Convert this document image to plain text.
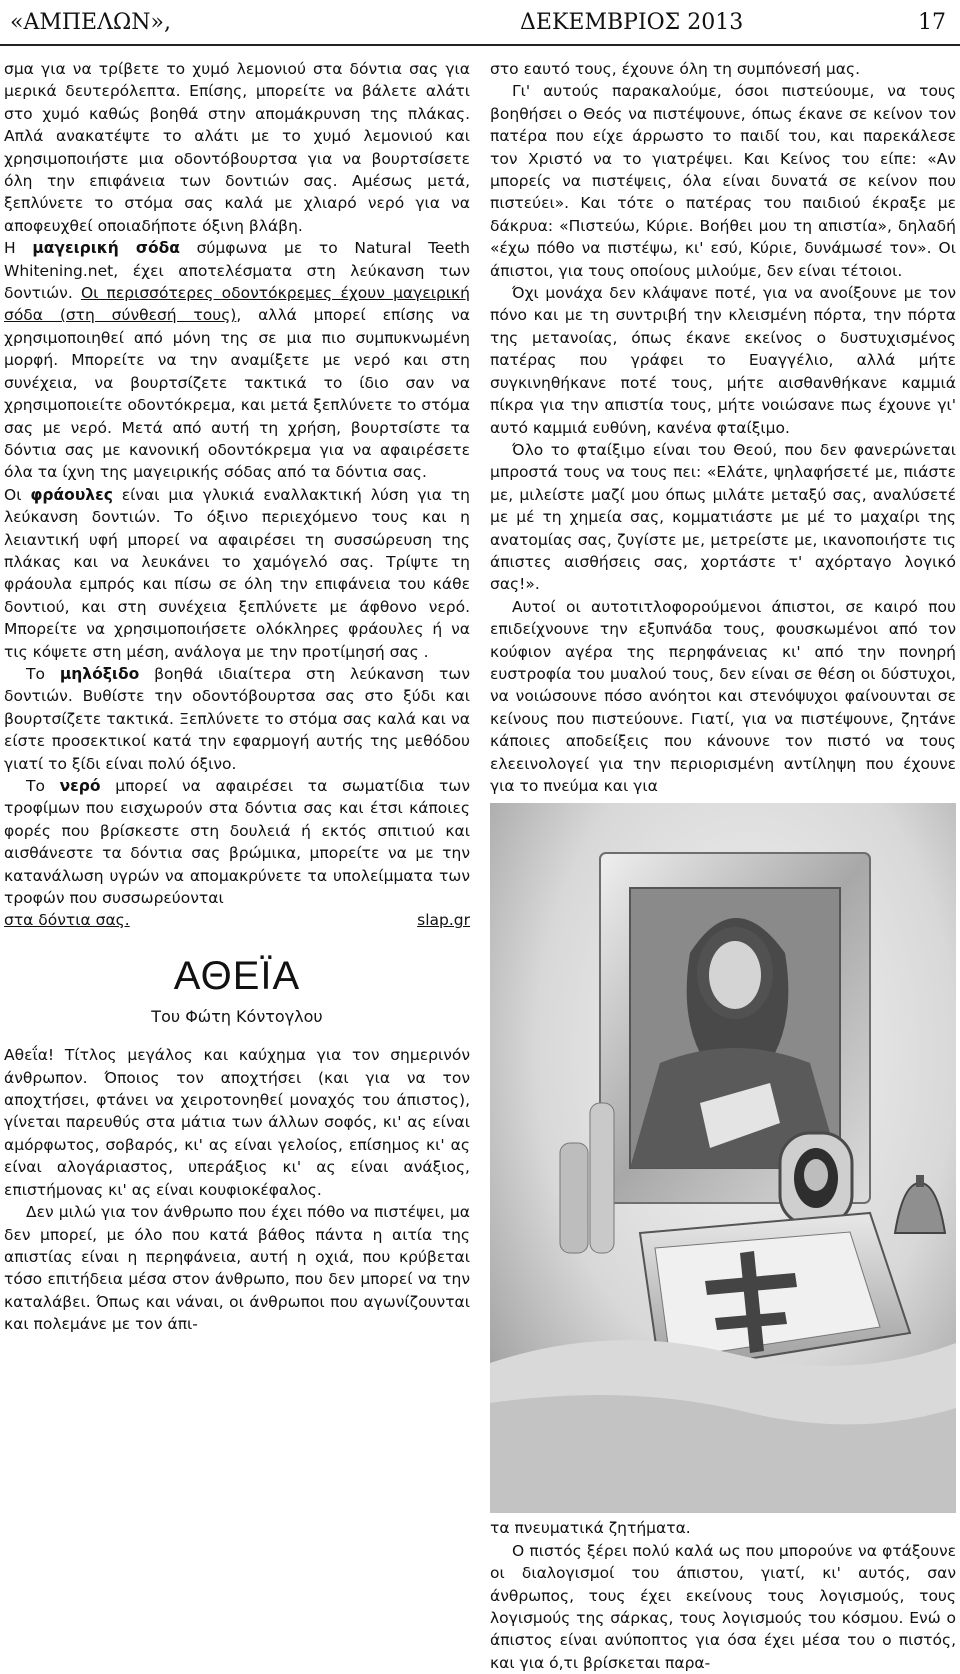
«ΑΜΠΕΛΩΝ»,	ΔΕΚΕΜΒΡΙΟΣ 2013	17

σμα για να τρίβετε το χυμό λεμονιού στα δόντια σας για μερικά δευτερόλεπτα. Επίσης, μπορείτε να βάλετε αλάτι στο χυμό καθώς βοηθά στην απομάκρυνση της πλάκας. Απλά ανακατέψτε το αλάτι με το χυμό λεμονιού και χρησιμοποιήστε μια οδοντόβουρτσα για να βουρτσίσετε όλη την επιφάνεια των δοντιών σας. Αμέσως μετά, ξεπλύνετε το στόμα σας καλά με χλιαρό νερό για να αποφευχθεί οποιαδήποτε όξινη βλάβη.

Η μαγειρική σόδα σύμφωνα με το Natural Teeth Whitening.net, έχει αποτελέσματα στη λεύκανση των δοντιών. Οι περισσότερες οδοντόκρεμες έχουν μαγειρική σόδα (στη σύνθεσή τους), αλλά μπορεί επίσης να χρησιμοποιηθεί από μόνη της σε μια πιο συμπυκνωμένη μορφή. Μπορείτε να την αναμίξετε με νερό και στη συνέχεια, να βουρτσίζετε τακτικά το ίδιο σαν να χρησιμοποιείτε οδοντόκρεμα, και μετά ξεπλύνετε το στόμα σας με νερό. Μετά από αυτή τη χρήση, βουρτσίστε τα δόντια σας με κανονική οδοντόκρεμα για να αφαιρέσετε όλα τα ίχνη της μαγειρικής σόδας από τα δόντια σας.

Οι φράουλες είναι μια γλυκιά εναλλακτική λύση για τη λεύκανση δοντιών. Το όξινο περιεχόμενο τους και η λειαντική υφή μπορεί να αφαιρέσει τη συσσώρευση της πλάκας και να λευκάνει το χαμόγελό σας. Τρίψτε τη φράουλα εμπρός και πίσω σε όλη την επιφάνεια του κάθε δοντιού, και στη συνέχεια ξεπλύνετε με άφθονο νερό. Μπορείτε να χρησιμοποιήσετε ολόκληρες φράουλες ή να τις κόψετε στη μέση, ανάλογα με την προτίμησή σας .

Το μηλόξιδο βοηθά ιδιαίτερα στη λεύκανση των δοντιών. Βυθίστε την οδοντόβουρτσα σας στο ξύδι και βουρτσίζετε τακτικά. Ξεπλύνετε το στόμα σας καλά και να είστε προσεκτικοί κατά την εφαρμογή αυτής της μεθόδου γιατί το ξίδι είναι πολύ όξινο.

Το νερό μπορεί να αφαιρέσει τα σωματίδια των τροφίμων που εισχωρούν στα δόντια σας και έτσι κάποιες φορές που βρίσκεστε στη δουλειά ή εκτός σπιτιού και αισθάνεστε τα δόντια σας βρώμικα, μπορείτε να με την κατανάλωση υγρών να απομακρύνετε τα υπολείμματα των τροφών που συσσωρεύονται

στα δόντια σας.	slap.gr
ΑΘΕΪΑ
Του Φώτη Κόντογλου

Αθεΐα! Τίτλος μεγάλος και καύχημα για τον σημερινόν άνθρωπον. Όποιος τον αποχτήσει (και για να τον αποχτήσει, φτάνει να χειροτονηθεί μοναχός του άπιστος), γίνεται παρευθύς στα μάτια των άλλων σοφός, κι' ας είναι αμόρφωτος, σοβαρός, κι' ας είναι γελοίος, επίσημος κι' ας είναι αλογάριαστος, υπεράξιος κι' ας είναι ανάξιος, επιστήμονας κι' ας είναι κουφιοκέφαλος.

Δεν μιλώ για τον άνθρωπο που έχει πόθο να πιστέψει, μα δεν μπορεί, με όλο που κατά βάθος πάντα η αιτία της απιστίας είναι η περηφάνεια, αυτή η οχιά, που κρύβεται τόσο επιτήδεια μέσα στον άνθρωπο, που δεν μπορεί να την καταλάβει. Όπως και νάναι, οι άνθρωποι που αγωνίζουνται και πολεμάνε με τον άπι-

στο εαυτό τους, έχουνε όλη τη συμπόνεσή μας.

Γι' αυτούς παρακαλούμε, όσοι πιστεύουμε, να τους βοηθήσει ο Θεός να πιστέψουνε, όπως έκανε σε κείνον τον πατέρα που είχε άρρωστο το παιδί του, και παρεκάλεσε τον Χριστό να το γιατρέψει. Και Κείνος του είπε: «Αν μπορείς να πιστέψεις, όλα είναι δυνατά σε κείνον που πιστεύει». Και τότε ο πατέρας του παιδιού έκραξε με δάκρυα: «Πιστεύω, Κύριε. Βοήθει μου τη απιστία», δηλαδή «έχω πόθο να πιστέψω, κι' εσύ, Κύριε, δυνάμωσέ τον». Οι άπιστοι, για τους οποίους μιλούμε, δεν είναι τέτοιοι.

Όχι μονάχα δεν κλάψανε ποτέ, για να ανοίξουνε με τον πόνο και με τη συντριβή την κλεισμένη πόρτα, την πόρτα της μετανοίας, όπως έκανε εκείνος ο δυστυχισμένος πατέρας που γράφει το Ευαγγέλιο, αλλά μήτε συγκινηθήκανε ποτέ τους, μήτε αισθανθήκανε καμμιά πίκρα για την απιστία τους, μήτε νοιώσανε πως έχουνε γι' αυτό καμμιά ευθύνη, κανένα φταίξιμο.

Όλο το φταίξιμο είναι του Θεού, που δεν φανερώνεται μπροστά τους να τους πει: «Ελάτε, ψηλαφήσετέ με, πιάστε με, μιλείστε μαζί μου όπως μιλάτε μεταξύ σας, αναλύσετέ με μέ τη χημεία σας, κομματιάστε με μέ το μαχαίρι της ανατομίας σας, ζυγίστε με, μετρείστε με, ικανοποιήστε τις άπιστες αισθήσεις σας, χορτάστε τ' αχόρταγο λογικό σας!».

Αυτοί οι αυτοτιτλοφορούμενοι άπιστοι, σε καιρό που επιδείχνουνε την εξυπνάδα τους, φουσκωμένοι από τον κούφιον αγέρα της περηφάνειας κι' από την πονηρή ευστροφία του μυαλού τους, δεν είναι σε θέση οι δύστυχοι, να νοιώσουνε πόσο ανόητοι και στενόψυχοι φαίνουνται σε κείνους που πιστεύουνε. Γιατί, για να πιστέψουνε, ζητάνε κάποιες αποδείξεις που κάνουνε τον πιστό να τους ελεεινολογεί για την περιορισμένη αντίληψη που έχουνε για το πνεύμα και για

τα πνευματικά ζητήματα.

Ο πιστός ξέρει πολύ καλά ως που μπορούνε να φτάξουνε οι διαλογισμοί του άπιστου, γιατί, κι' αυτός, σαν άνθρωπος, τους έχει εκείνους τους λογισμούς, τους λογισμούς της σάρκας, τους λογισμούς του κόσμου. Ενώ ο άπιστος είναι ανύποπτος για όσα έχει μέσα του ο πιστός, και για ό,τι βρίσκεται παρα-
